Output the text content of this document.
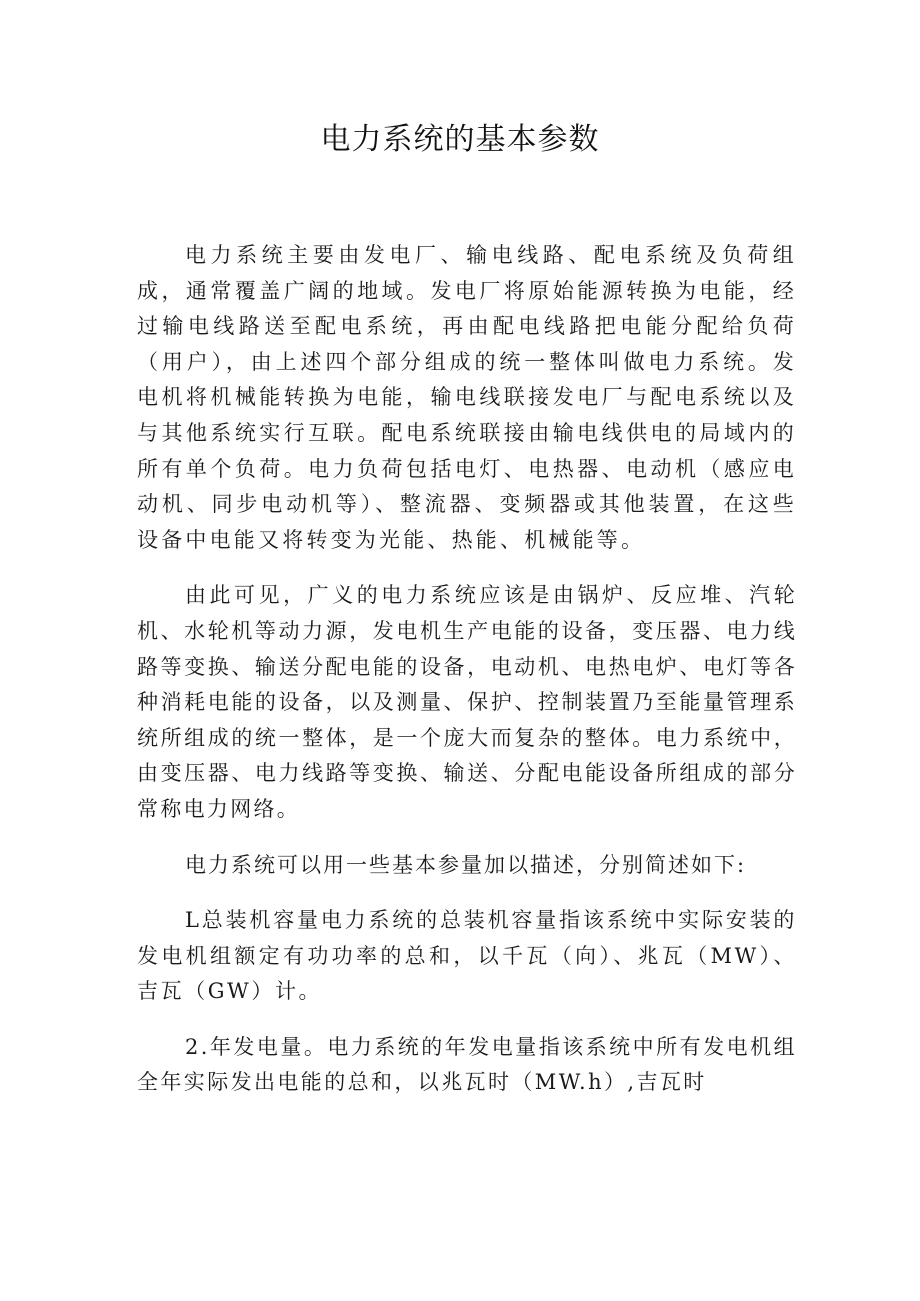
电力系统的基本参数

电力系统主要由发电厂、输电线路、配电系统及负荷组成，通常覆盖广阔的地域。发电厂将原始能源转换为电能，经过输电线路送至配电系统，再由配电线路把电能分配给负荷（用户），由上述四个部分组成的统一整体叫做电力系统。发电机将机械能转换为电能，输电线联接发电厂与配电系统以及与其他系统实行互联。配电系统联接由输电线供电的局域内的所有单个负荷。电力负荷包括电灯、电热器、电动机（感应电动机、同步电动机等）、整流器、变频器或其他装置，在这些设备中电能又将转变为光能、热能、机械能等。

由此可见，广义的电力系统应该是由锅炉、反应堆、汽轮机、水轮机等动力源，发电机生产电能的设备，变压器、电力线路等变换、输送分配电能的设备，电动机、电热电炉、电灯等各种消耗电能的设备，以及测量、保护、控制装置乃至能量管理系统所组成的统一整体，是一个庞大而复杂的整体。电力系统中，由变压器、电力线路等变换、输送、分配电能设备所组成的部分常称电力网络。

电力系统可以用一些基本参量加以描述，分别简述如下:

L总装机容量电力系统的总装机容量指该系统中实际安装的发电机组额定有功功率的总和，以千瓦（向）、兆瓦（MW）、吉瓦（GW）计。

2.年发电量。电力系统的年发电量指该系统中所有发电机组全年实际发出电能的总和，以兆瓦时（MW.h）,吉瓦时
